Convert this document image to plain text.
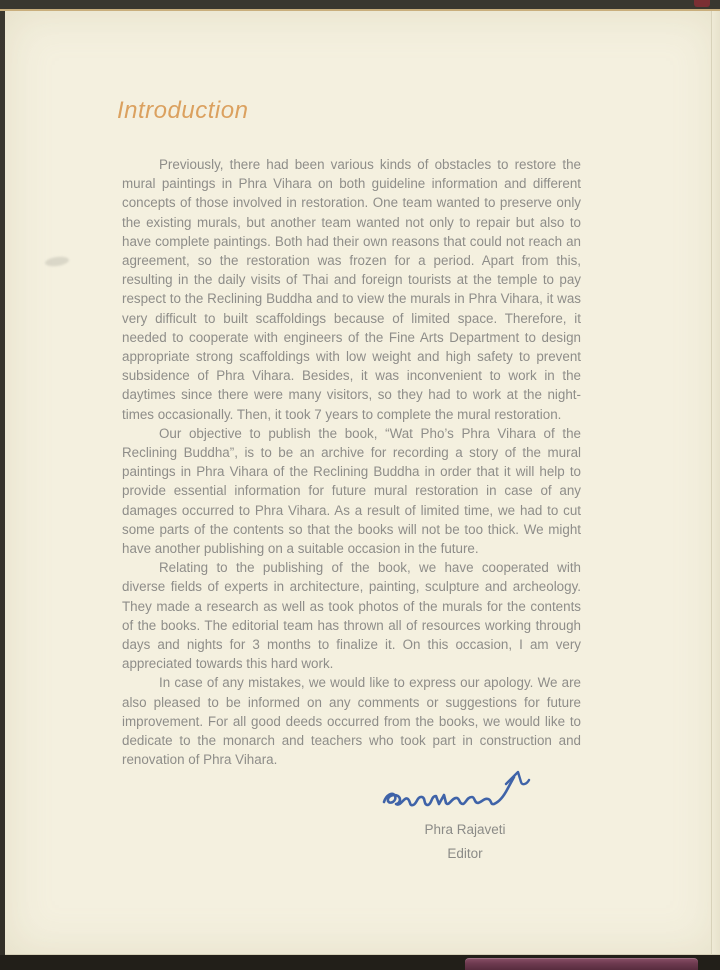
Introduction

Previously, there had been various kinds of obstacles to restore the mural paintings in Phra Vihara on both guideline information and different concepts of those involved in restoration. One team wanted to preserve only the existing murals, but another team wanted not only to repair but also to have complete paintings. Both had their own reasons that could not reach an agreement, so the restoration was frozen for a period. Apart from this, resulting in the daily visits of Thai and foreign tourists at the temple to pay respect to the Reclining Buddha and to view the murals in Phra Vihara, it was very difficult to built scaffoldings because of limited space. Therefore, it needed to cooperate with engineers of the Fine Arts Department to design appropriate strong scaffoldings with low weight and high safety to prevent subsidence of Phra Vihara. Besides, it was inconvenient to work in the daytimes since there were many visitors, so they had to work at the night-times occasionally. Then, it took 7 years to complete the mural restoration.

Our objective to publish the book, “Wat Pho’s Phra Vihara of the Reclining Buddha”, is to be an archive for recording a story of the mural paintings in Phra Vihara of the Reclining Buddha in order that it will help to provide essential information for future mural restoration in case of any damages occurred to Phra Vihara. As a result of limited time, we had to cut some parts of the contents so that the books will not be too thick. We might have another publishing on a suitable occasion in the future.

Relating to the publishing of the book, we have cooperated with diverse fields of experts in architecture, painting, sculpture and archeology. They made a research as well as took photos of the murals for the contents of the books. The editorial team has thrown all of resources working through days and nights for 3 months to finalize it. On this occasion, I am very appreciated towards this hard work.

In case of any mistakes, we would like to express our apology. We are also pleased to be informed on any comments or suggestions for future improvement. For all good deeds occurred from the books, we would like to dedicate to the monarch and teachers who took part in construction and renovation of Phra Vihara.

Phra Rajaveti
Editor
